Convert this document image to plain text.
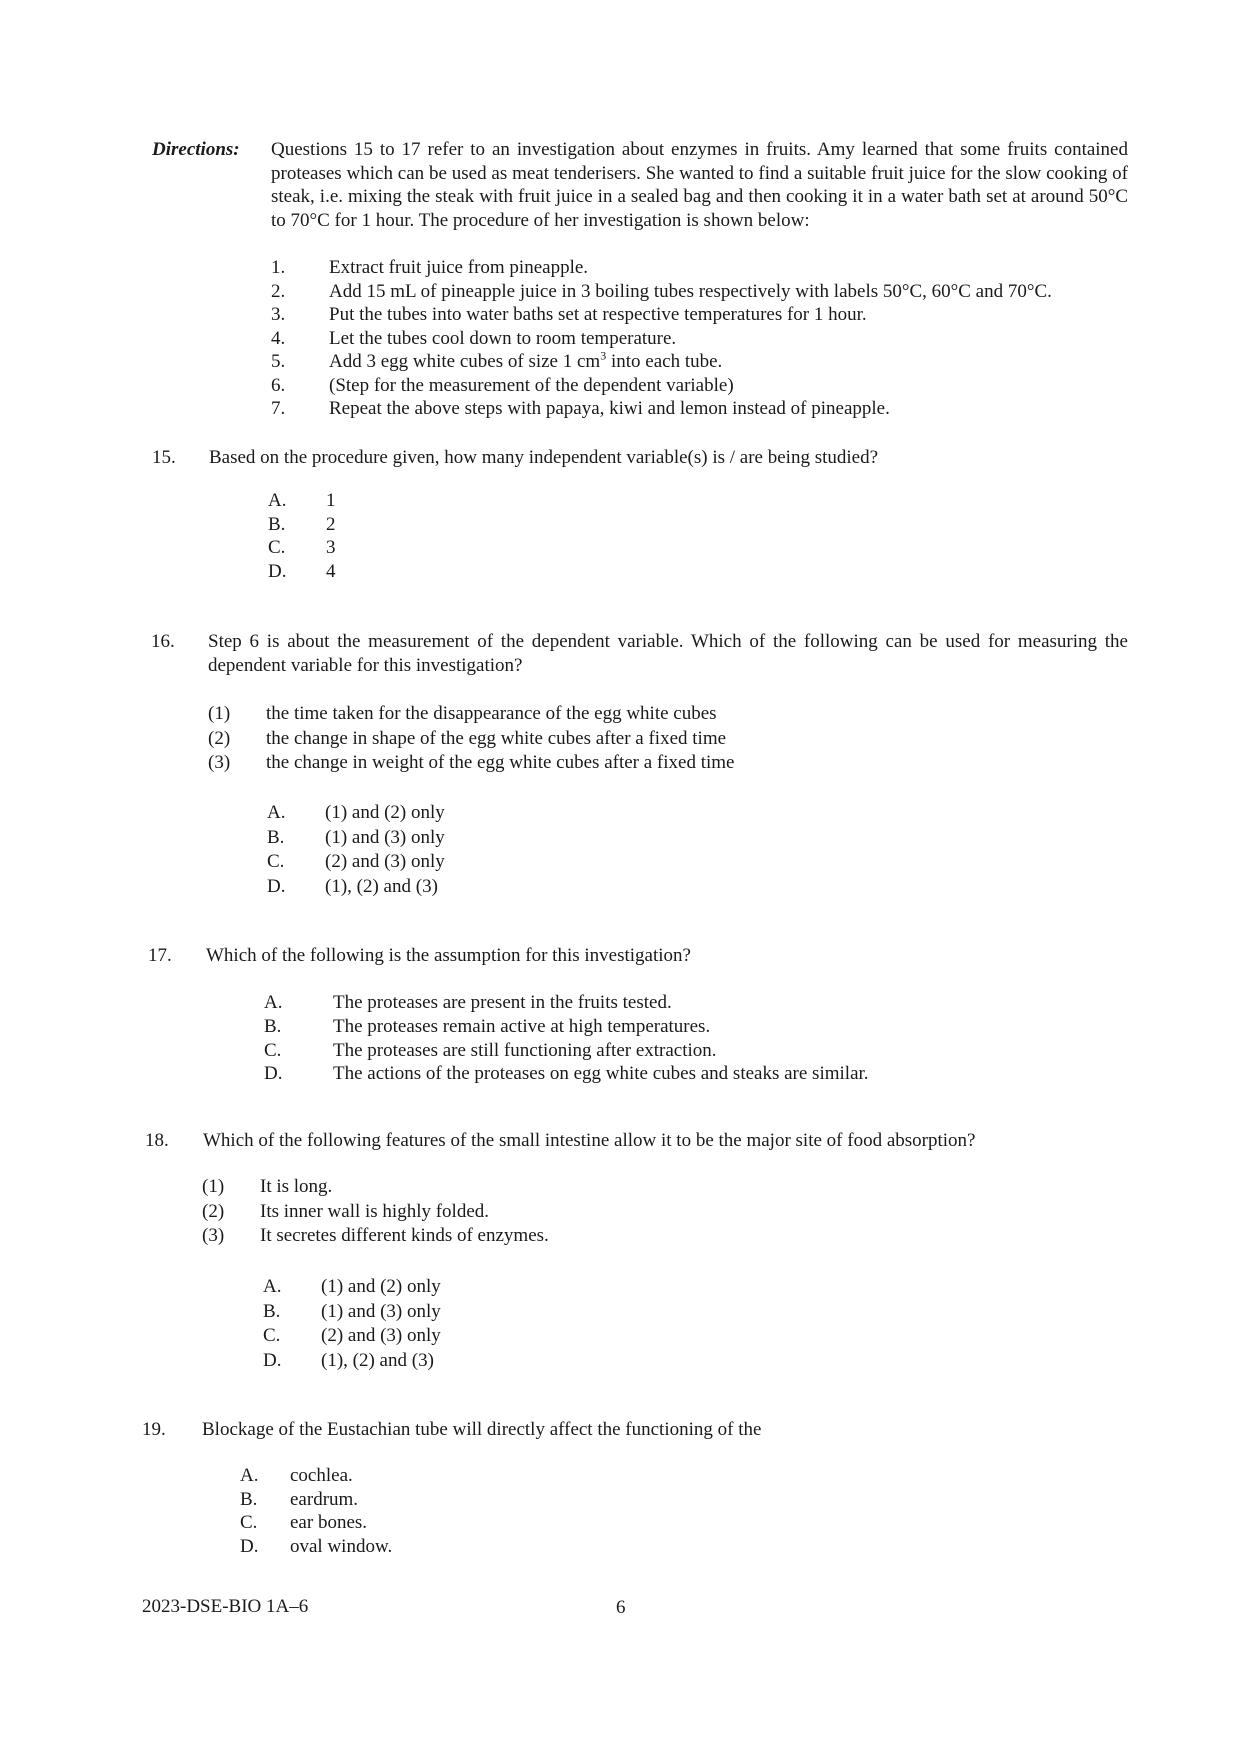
Directions: Questions 15 to 17 refer to an investigation about enzymes in fruits. Amy learned that some fruits contained proteases which can be used as meat tenderisers. She wanted to find a suitable fruit juice for the slow cooking of steak, i.e. mixing the steak with fruit juice in a sealed bag and then cooking it in a water bath set at around 50°C to 70°C for 1 hour. The procedure of her investigation is shown below:
1.	Extract fruit juice from pineapple.
2.	Add 15 mL of pineapple juice in 3 boiling tubes respectively with labels 50°C, 60°C and 70°C.
3.	Put the tubes into water baths set at respective temperatures for 1 hour.
4.	Let the tubes cool down to room temperature.
5.	Add 3 egg white cubes of size 1 $cm^3$ into each tube.
6.	(Step for the measurement of the dependent variable)
7.	Repeat the above steps with papaya, kiwi and lemon instead of pineapple.
15.	Based on the procedure given, how many independent variable(s) is / are being studied?
A.	1
B.	2
C.	3
D.	4
16.	Step 6 is about the measurement of the dependent variable. Which of the following can be used for measuring the dependent variable for this investigation?
(1)	the time taken for the disappearance of the egg white cubes
(2)	the change in shape of the egg white cubes after a fixed time
(3)	the change in weight of the egg white cubes after a fixed time
A.	(1) and (2) only
B.	(1) and (3) only
C.	(2) and (3) only
D.	(1), (2) and (3)
17.	Which of the following is the assumption for this investigation?
A.	The proteases are present in the fruits tested.
B.	The proteases remain active at high temperatures.
C.	The proteases are still functioning after extraction.
D.	The actions of the proteases on egg white cubes and steaks are similar.
18.	Which of the following features of the small intestine allow it to be the major site of food absorption?
(1)	It is long.
(2)	Its inner wall is highly folded.
(3)	It secretes different kinds of enzymes.
A.	(1) and (2) only
B.	(1) and (3) only
C.	(2) and (3) only
D.	(1), (2) and (3)
19.	Blockage of the Eustachian tube will directly affect the functioning of the
A.	cochlea.
B.	eardrum.
C.	ear bones.
D.	oval window.
2023-DSE-BIO 1A–6	6
